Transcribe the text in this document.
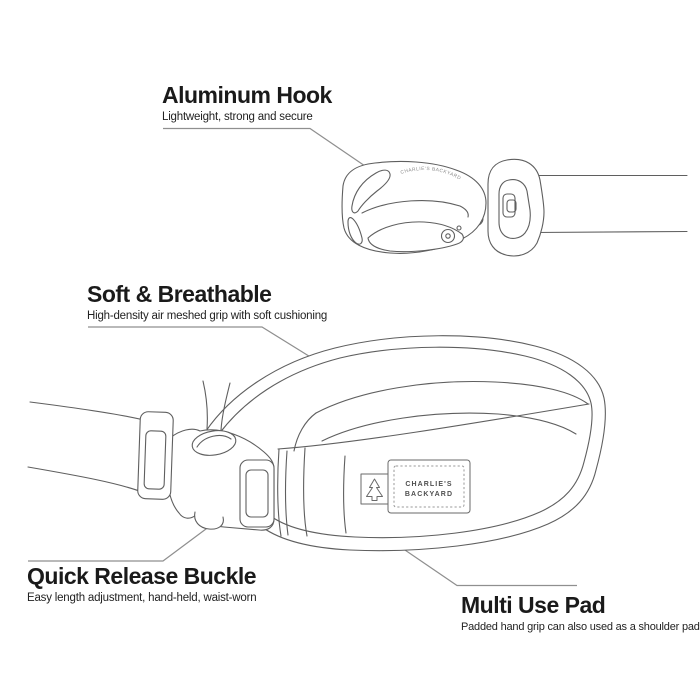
CHARLIE'S BACKYARD
CHARLIE'S
BACKYARD
Aluminum Hook
Lightweight, strong and secure
Soft & Breathable
High-density air meshed grip with soft cushioning
Quick Release Buckle
Easy length adjustment, hand-held, waist-worn	Multi Use Pad
Padded hand grip can also used as a shoulder pad
